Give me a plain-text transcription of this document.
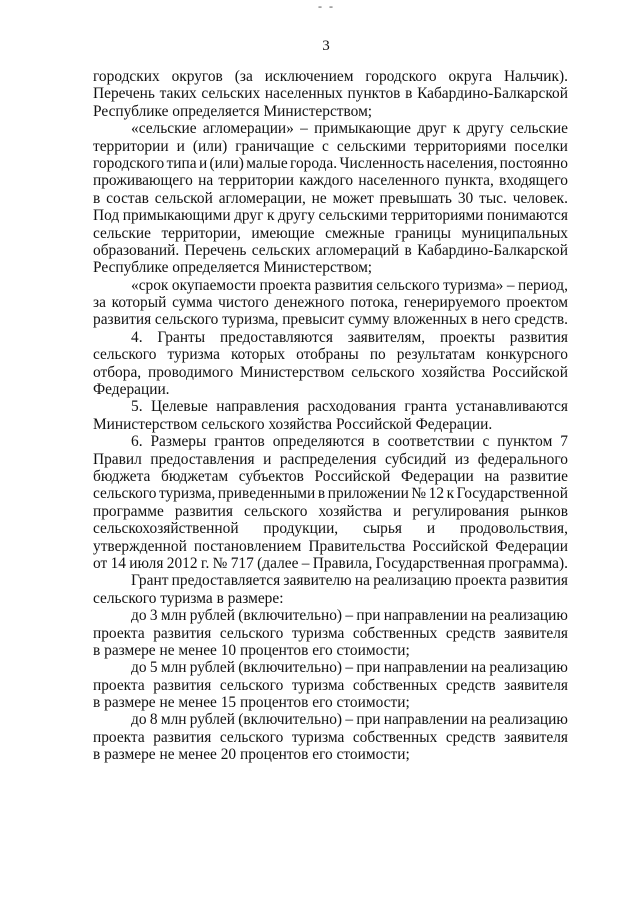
- -
3
городских округов (за исключением городского округа Нальчик).
Перечень таких сельских населенных пунктов в Кабардино-Балкарской
Республике определяется Министерством;
«сельские агломерации» – примыкающие друг к другу сельские
территории и (или) граничащие с сельскими территориями поселки
городского типа и (или) малые города. Численность населения, постоянно
проживающего на территории каждого населенного пункта, входящего
в состав сельской агломерации, не может превышать 30 тыс. человек.
Под примыкающими друг к другу сельскими территориями понимаются
сельские территории, имеющие смежные границы муниципальных
образований. Перечень сельских агломераций в Кабардино-Балкарской
Республике определяется Министерством;
«срок окупаемости проекта развития сельского туризма» – период,
за который сумма чистого денежного потока, генерируемого проектом
развития сельского туризма, превысит сумму вложенных в него средств.
4. Гранты предоставляются заявителям, проекты развития
сельского туризма которых отобраны по результатам конкурсного
отбора, проводимого Министерством сельского хозяйства Российской
Федерации.
5. Целевые направления расходования гранта устанавливаются
Министерством сельского хозяйства Российской Федерации.
6. Размеры грантов определяются в соответствии с пунктом 7
Правил предоставления и распределения субсидий из федерального
бюджета бюджетам субъектов Российской Федерации на развитие
сельского туризма, приведенными в приложении № 12 к Государственной
программе развития сельского хозяйства и регулирования рынков
сельскохозяйственной продукции, сырья и продовольствия,
утвержденной постановлением Правительства Российской Федерации
от 14 июля 2012 г. № 717 (далее – Правила, Государственная программа).
Грант предоставляется заявителю на реализацию проекта развития
сельского туризма в размере:
до 3 млн рублей (включительно) – при направлении на реализацию
проекта развития сельского туризма собственных средств заявителя
в размере не менее 10 процентов его стоимости;
до 5 млн рублей (включительно) – при направлении на реализацию
проекта развития сельского туризма собственных средств заявителя
в размере не менее 15 процентов его стоимости;
до 8 млн рублей (включительно) – при направлении на реализацию
проекта развития сельского туризма собственных средств заявителя
в размере не менее 20 процентов его стоимости;
